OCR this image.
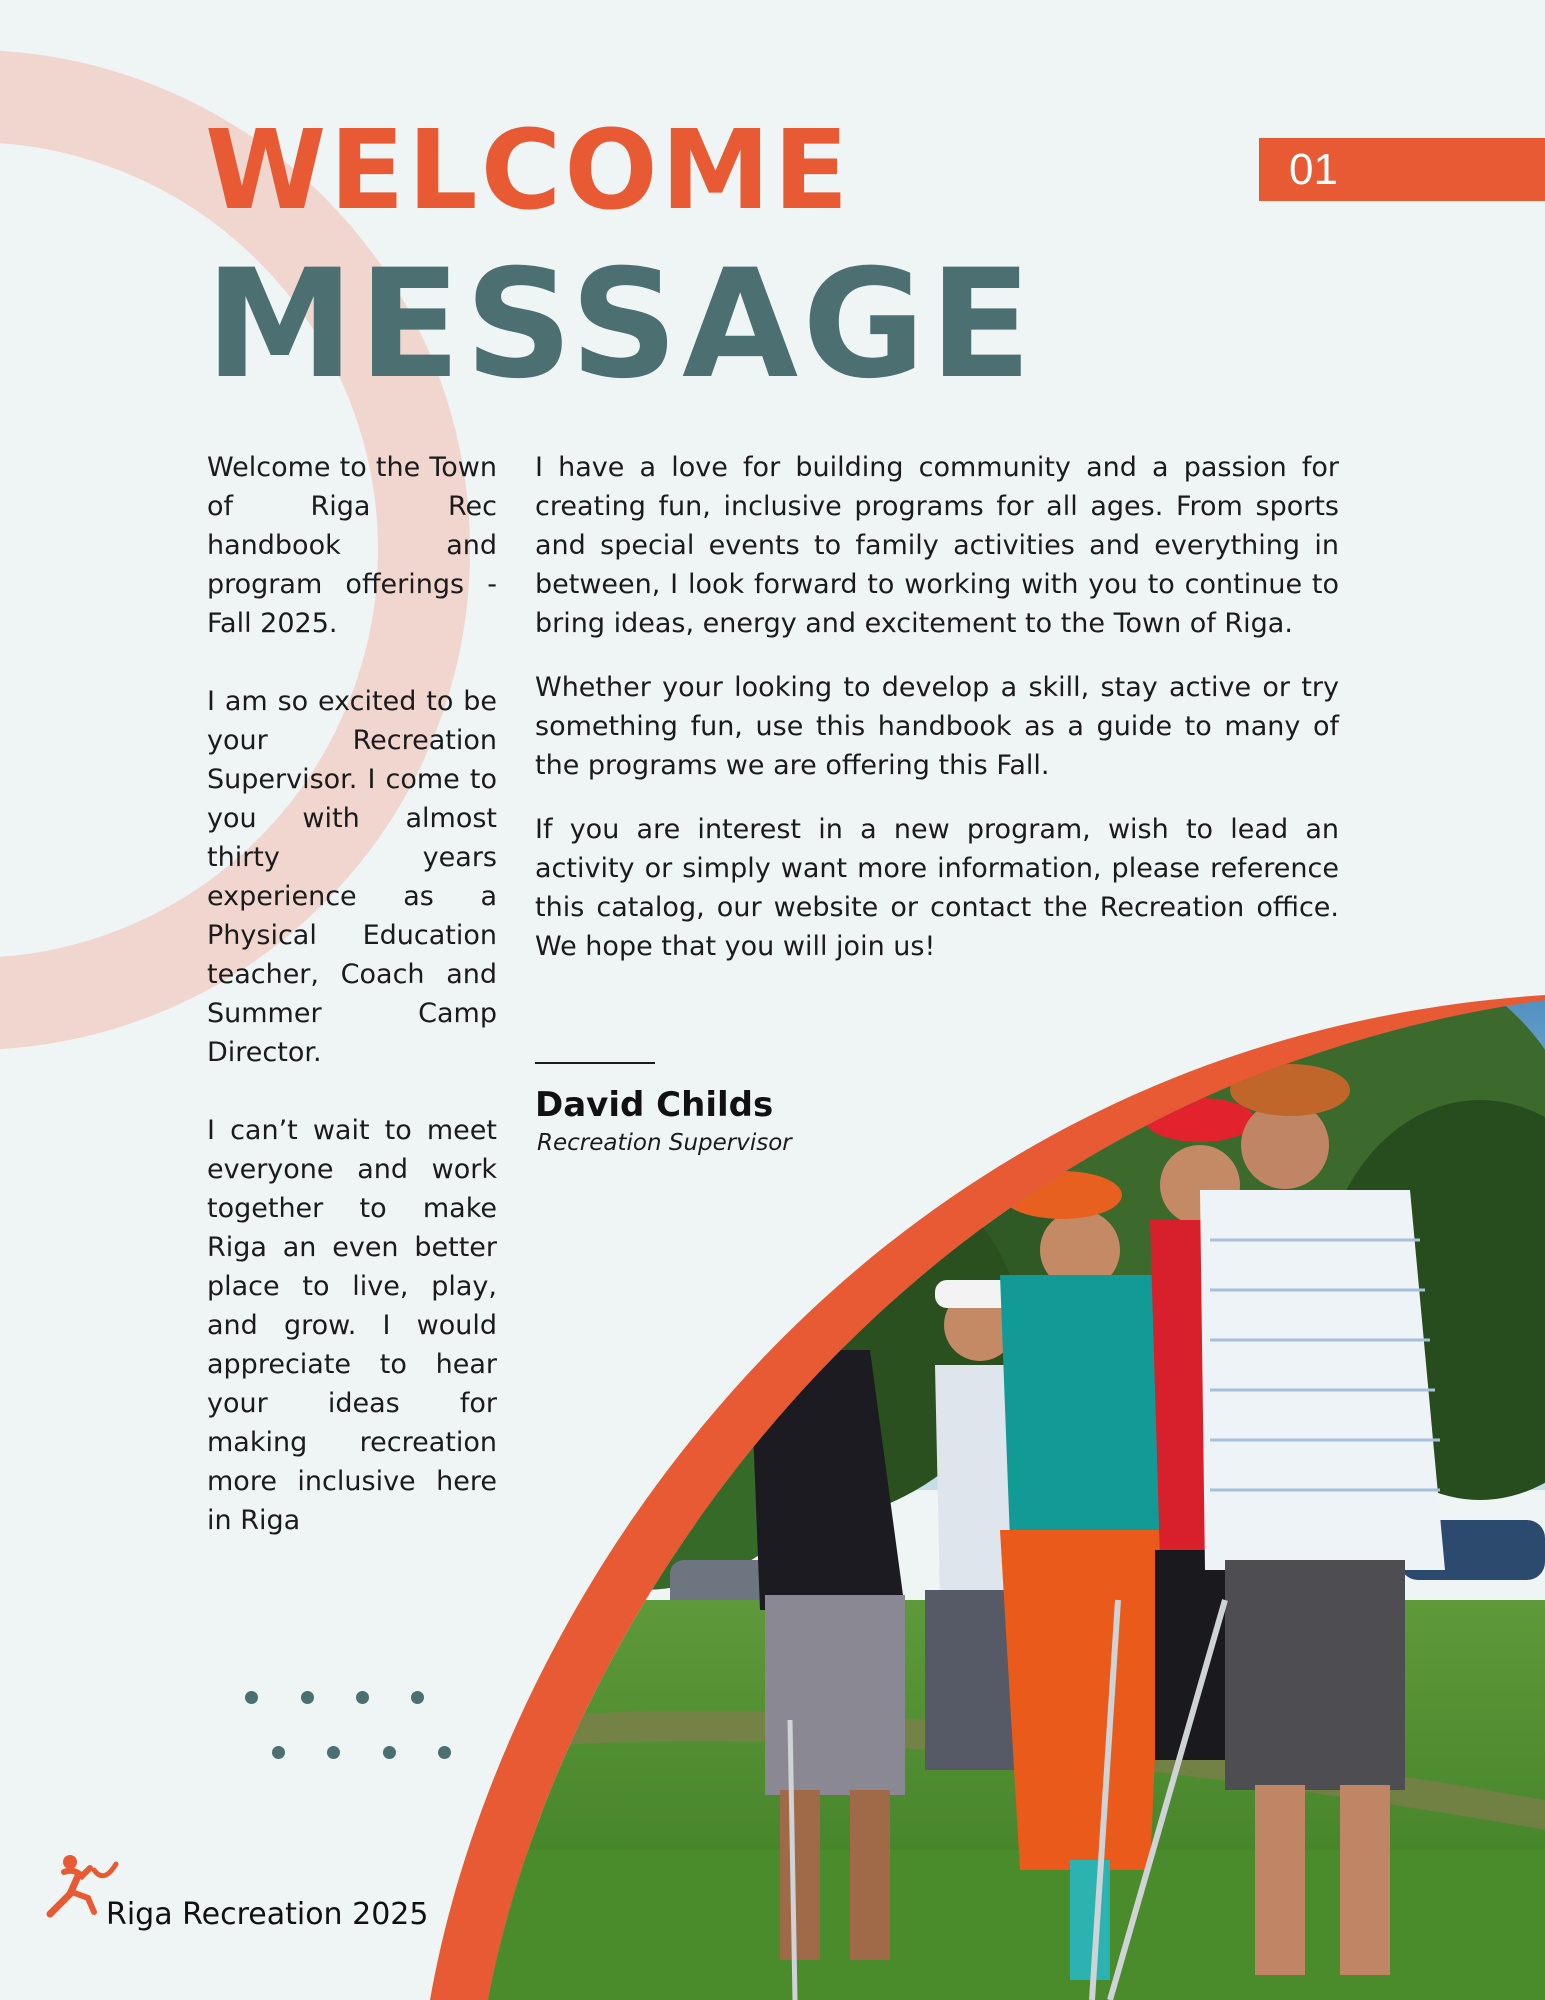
WELCOME
MESSAGE
01

Welcome to the Town of Riga Rec handbook and program offerings - Fall 2025.

I am so excited to be your Recreation Supervisor. I come to you with almost thirty years experience as a Physical Education teacher, Coach and Summer Camp Director.

I can’t wait to meet everyone and work together to make Riga an even better place to live, play, and grow. I would appreciate to hear your ideas for making recreation more inclusive here in Riga

I have a love for building community and a passion for creating fun, inclusive programs for all ages. From sports and special events to family activities and everything in between, I look forward to working with you to continue to bring ideas, energy and excitement to the Town of Riga.

Whether your looking to develop a skill, stay active or try something fun, use this handbook as a guide to many of the programs we are offering this Fall.

If you are interest in a new program, wish to lead an activity or simply want more information, please reference this catalog, our website or contact the Recreation office. We hope that you will join us!

David Childs
Recreation Supervisor
Riga Recreation 2025
